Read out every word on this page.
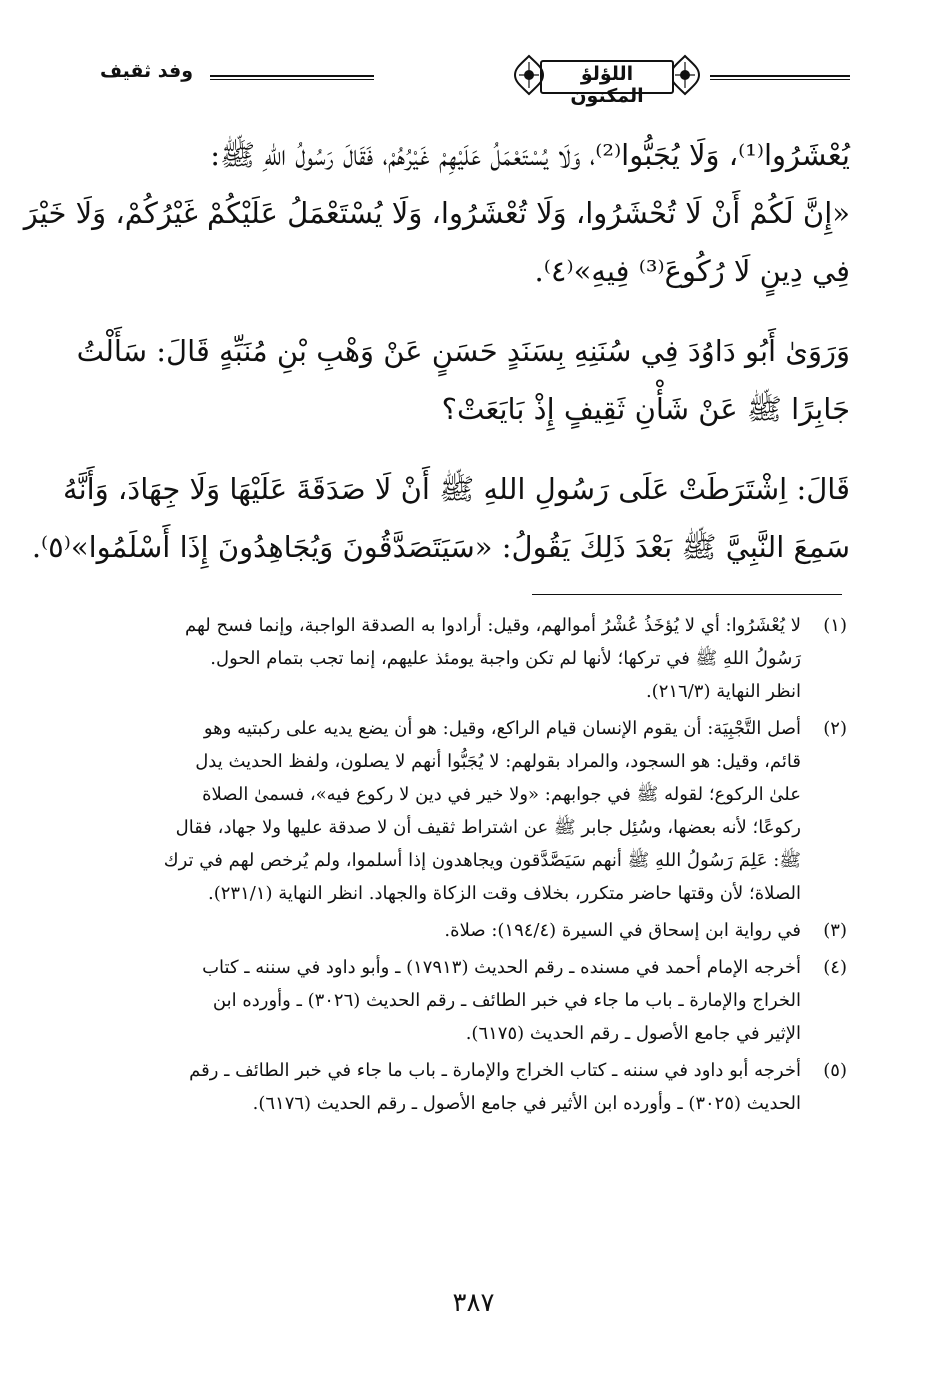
اللؤلؤ المكنون
وفد ثقيف
يُعْشَرُوا⁽¹⁾، وَلَا يُجَبُّوا⁽²⁾، وَلَا يُسْتَعْمَلُ عَلَيْهِمْ غَيْرُهُمْ، فَقَالَ رَسُولُ اللهِ ﷺ:
«إِنَّ لَكُمْ أَنْ لَا تُحْشَرُوا، وَلَا تُعْشَرُوا، وَلَا يُسْتَعْمَلُ عَلَيْكُمْ غَيْرُكُمْ، وَلَا خَيْرَ
فِي دِينٍ لَا رُكُوعَ⁽³⁾ فِيهِ»⁽٤⁾.
وَرَوَىٰ أَبُو دَاوُدَ فِي سُنَنِهِ بِسَنَدٍ حَسَنٍ عَنْ وَهْبِ بْنِ مُنَبِّهٍ قَالَ: سَأَلْتُ
جَابِرًا ﷺ عَنْ شَأْنِ ثَقِيفٍ إِذْ بَايَعَتْ؟
قَالَ: اِشْتَرَطَتْ عَلَى رَسُولِ اللهِ ﷺ أَنْ لَا صَدَقَةَ عَلَيْهَا وَلَا جِهَادَ، وَأَنَّهُ
سَمِعَ النَّبِيَّ ﷺ بَعْدَ ذَلِكَ يَقُولُ: «سَيَتَصَدَّقُونَ وَيُجَاهِدُونَ إِذَا أَسْلَمُوا»⁽٥⁾.
(١)
لا يُعْشَرُوا: أي لا يُؤخَذُ عُشْرُ أموالهم، وقيل: أرادوا به الصدقة الواجبة، وإنما فسح لهم
رَسُولُ اللهِ ﷺ في تركها؛ لأنها لم تكن واجبة يومئذ عليهم، إنما تجب بتمام الحول.
انظر النهاية (٢١٦/٣).
(٢)
أصل التَّجْبِيَة: أن يقوم الإنسان قيام الراكع، وقيل: هو أن يضع يديه على ركبتيه وهو
قائم، وقيل: هو السجود، والمراد بقولهم: لا يُجَبُّوا أنهم لا يصلون، ولفظ الحديث يدل
علىٰ الركوع؛ لقوله ﷺ في جوابهم: «ولا خير في دين لا ركوع فيه»، فسمىٰ الصلاة
ركوعًا؛ لأنه بعضها، وسُئِل جابر ﷺ عن اشتراط ثقيف أن لا صدقة عليها ولا جهاد، فقال
ﷺ: عَلِمَ رَسُولُ اللهِ ﷺ أنهم سَيَصَّدَّقون ويجاهدون إذا أسلموا، ولم يُرخص لهم في ترك
الصلاة؛ لأن وقتها حاضر متكرر، بخلاف وقت الزكاة والجهاد. انظر النهاية (٢٣١/١).
(٣)
في رواية ابن إسحاق في السيرة (١٩٤/٤): صلاة.
(٤)
أخرجه الإمام أحمد في مسنده ـ رقم الحديث (١٧٩١٣) ـ وأبو داود في سننه ـ كتاب
الخراج والإمارة ـ باب ما جاء في خبر الطائف ـ رقم الحديث (٣٠٢٦) ـ وأورده ابن
الإثير في جامع الأصول ـ رقم الحديث (٦١٧٥).
(٥)
أخرجه أبو داود في سننه ـ كتاب الخراج والإمارة ـ باب ما جاء في خبر الطائف ـ رقم
الحديث (٣٠٢٥) ـ وأورده ابن الأثير في جامع الأصول ـ رقم الحديث (٦١٧٦).
٣٨٧
